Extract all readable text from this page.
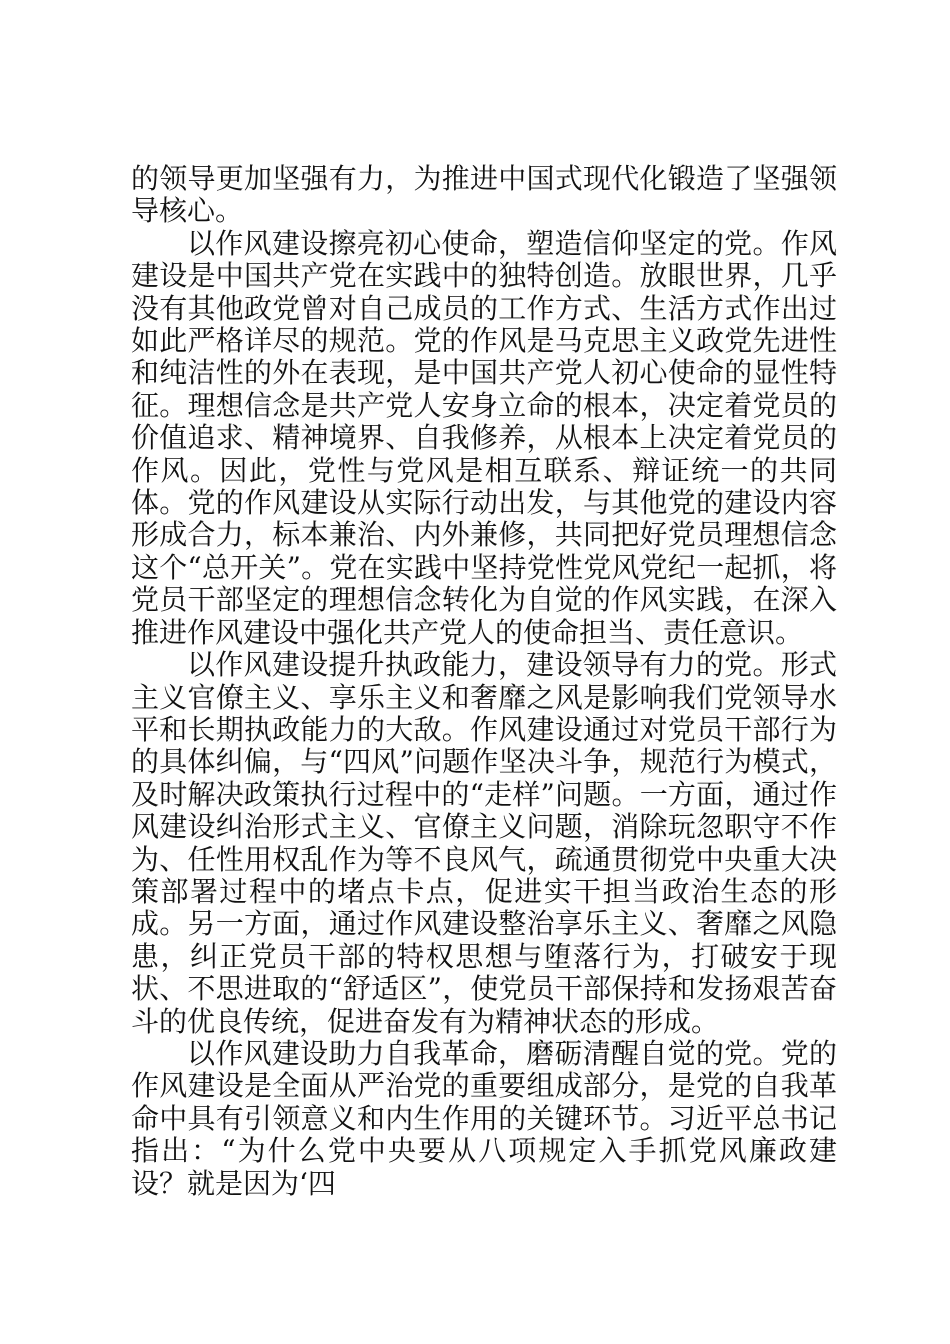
的领导更加坚强有力，为推进中国式现代化锻造了坚强领导核心。

以作风建设擦亮初心使命，塑造信仰坚定的党。作风建设是中国共产党在实践中的独特创造。放眼世界，几乎没有其他政党曾对自己成员的工作方式、生活方式作出过如此严格详尽的规范。党的作风是马克思主义政党先进性和纯洁性的外在表现，是中国共产党人初心使命的显性特征。理想信念是共产党人安身立命的根本，决定着党员的价值追求、精神境界、自我修养，从根本上决定着党员的作风。因此，党性与党风是相互联系、辩证统一的共同体。党的作风建设从实际行动出发，与其他党的建设内容形成合力，标本兼治、内外兼修，共同把好党员理想信念这个“总开关”。党在实践中坚持党性党风党纪一起抓，将党员干部坚定的理想信念转化为自觉的作风实践，在深入推进作风建设中强化共产党人的使命担当、责任意识。

以作风建设提升执政能力，建设领导有力的党。形式主义官僚主义、享乐主义和奢靡之风是影响我们党领导水平和长期执政能力的大敌。作风建设通过对党员干部行为的具体纠偏，与“四风”问题作坚决斗争，规范行为模式，及时解决政策执行过程中的“走样”问题。一方面，通过作风建设纠治形式主义、官僚主义问题，消除玩忽职守不作为、任性用权乱作为等不良风气，疏通贯彻党中央重大决策部署过程中的堵点卡点，促进实干担当政治生态的形成。另一方面，通过作风建设整治享乐主义、奢靡之风隐患，纠正党员干部的特权思想与堕落行为，打破安于现状、不思进取的“舒适区”，使党员干部保持和发扬艰苦奋斗的优良传统，促进奋发有为精神状态的形成。

以作风建设助力自我革命，磨砺清醒自觉的党。党的作风建设是全面从严治党的重要组成部分，是党的自我革命中具有引领意义和内生作用的关键环节。习近平总书记指出：“为什么党中央要从八项规定入手抓党风廉政建设？就是因为‘四
